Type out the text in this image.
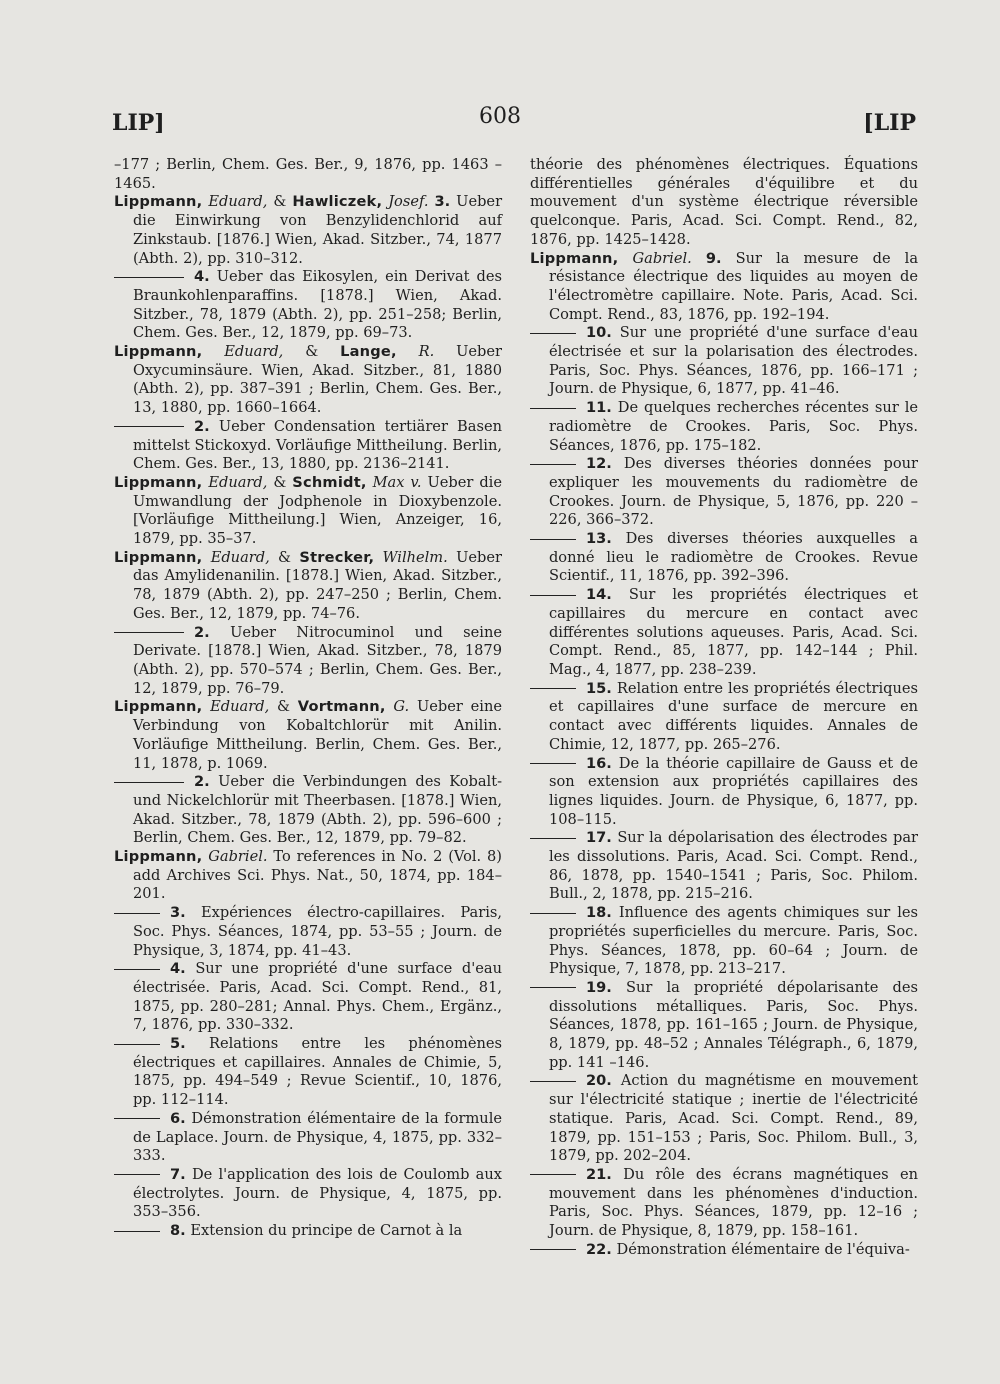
LIP]	608	[LIP

–177 ; Berlin, Chem. Ges. Ber., 9, 1876, pp. 1463 –1465.

Lippmann, Eduard, & Hawliczek, Josef. 3. Ueber die Einwirkung von Benzylidenchlorid auf Zinkstaub. [1876.] Wien, Akad. Sitzber., 74, 1877 (Abth. 2), pp. 310–312.

4. Ueber das Eikosylen, ein Derivat des Braunkohlenparaffins. [1878.] Wien, Akad. Sitzber., 78, 1879 (Abth. 2), pp. 251–258; Berlin, Chem. Ges. Ber., 12, 1879, pp. 69–73.

Lippmann, Eduard, & Lange, R. Ueber Oxycuminsäure. Wien, Akad. Sitzber., 81, 1880 (Abth. 2), pp. 387–391 ; Berlin, Chem. Ges. Ber., 13, 1880, pp. 1660–1664.

2. Ueber Condensation tertiärer Basen mittelst Stickoxyd. Vorläufige Mittheilung. Berlin, Chem. Ges. Ber., 13, 1880, pp. 2136–2141.

Lippmann, Eduard, & Schmidt, Max v. Ueber die Umwandlung der Jodphenole in Dioxybenzole. [Vorläufige Mittheilung.] Wien, Anzeiger, 16, 1879, pp. 35–37.

Lippmann, Eduard, & Strecker, Wilhelm. Ueber das Amylidenanilin. [1878.] Wien, Akad. Sitzber., 78, 1879 (Abth. 2), pp. 247–250 ; Berlin, Chem. Ges. Ber., 12, 1879, pp. 74–76.

2. Ueber Nitrocuminol und seine Derivate. [1878.] Wien, Akad. Sitzber., 78, 1879 (Abth. 2), pp. 570–574 ; Berlin, Chem. Ges. Ber., 12, 1879, pp. 76–79.

Lippmann, Eduard, & Vortmann, G. Ueber eine Verbindung von Kobaltchlorür mit Anilin. Vorläufige Mittheilung. Berlin, Chem. Ges. Ber., 11, 1878, p. 1069.

2. Ueber die Verbindungen des Kobalt- und Nickelchlorür mit Theerbasen. [1878.] Wien, Akad. Sitzber., 78, 1879 (Abth. 2), pp. 596–600 ; Berlin, Chem. Ges. Ber., 12, 1879, pp. 79–82.

Lippmann, Gabriel. To references in No. 2 (Vol. 8) add Archives Sci. Phys. Nat., 50, 1874, pp. 184–201.

3. Expériences électro-capillaires. Paris, Soc. Phys. Séances, 1874, pp. 53–55 ; Journ. de Physique, 3, 1874, pp. 41–43.

4. Sur une propriété d'une surface d'eau électrisée. Paris, Acad. Sci. Compt. Rend., 81, 1875, pp. 280–281; Annal. Phys. Chem., Ergänz., 7, 1876, pp. 330–332.

5. Relations entre les phénomènes électriques et capillaires. Annales de Chimie, 5, 1875, pp. 494–549 ; Revue Scientif., 10, 1876, pp. 112–114.

6. Démonstration élémentaire de la formule de Laplace. Journ. de Physique, 4, 1875, pp. 332–333.

7. De l'application des lois de Coulomb aux électrolytes. Journ. de Physique, 4, 1875, pp. 353–356.

8. Extension du principe de Carnot à la

théorie des phénomènes électriques. Équations différentielles générales d'équilibre et du mouvement d'un système électrique réversible quelconque. Paris, Acad. Sci. Compt. Rend., 82, 1876, pp. 1425–1428.

Lippmann, Gabriel. 9. Sur la mesure de la résistance électrique des liquides au moyen de l'électromètre capillaire. Note. Paris, Acad. Sci. Compt. Rend., 83, 1876, pp. 192–194.

10. Sur une propriété d'une surface d'eau électrisée et sur la polarisation des électrodes. Paris, Soc. Phys. Séances, 1876, pp. 166–171 ; Journ. de Physique, 6, 1877, pp. 41–46.

11. De quelques recherches récentes sur le radiomètre de Crookes. Paris, Soc. Phys. Séances, 1876, pp. 175–182.

12. Des diverses théories données pour expliquer les mouvements du radiomètre de Crookes. Journ. de Physique, 5, 1876, pp. 220 –226, 366–372.

13. Des diverses théories auxquelles a donné lieu le radiomètre de Crookes. Revue Scientif., 11, 1876, pp. 392–396.

14. Sur les propriétés électriques et capillaires du mercure en contact avec différentes solutions aqueuses. Paris, Acad. Sci. Compt. Rend., 85, 1877, pp. 142–144 ; Phil. Mag., 4, 1877, pp. 238–239.

15. Relation entre les propriétés électriques et capillaires d'une surface de mercure en contact avec différents liquides. Annales de Chimie, 12, 1877, pp. 265–276.

16. De la théorie capillaire de Gauss et de son extension aux propriétés capillaires des lignes liquides. Journ. de Physique, 6, 1877, pp. 108–115.

17. Sur la dépolarisation des électrodes par les dissolutions. Paris, Acad. Sci. Compt. Rend., 86, 1878, pp. 1540–1541 ; Paris, Soc. Philom. Bull., 2, 1878, pp. 215–216.

18. Influence des agents chimiques sur les propriétés superficielles du mercure. Paris, Soc. Phys. Séances, 1878, pp. 60–64 ; Journ. de Physique, 7, 1878, pp. 213–217.

19. Sur la propriété dépolarisante des dissolutions métalliques. Paris, Soc. Phys. Séances, 1878, pp. 161–165 ; Journ. de Physique, 8, 1879, pp. 48–52 ; Annales Télégraph., 6, 1879, pp. 141 –146.

20. Action du magnétisme en mouvement sur l'électricité statique ; inertie de l'électricité statique. Paris, Acad. Sci. Compt. Rend., 89, 1879, pp. 151–153 ; Paris, Soc. Philom. Bull., 3, 1879, pp. 202–204.

21. Du rôle des écrans magnétiques en mouvement dans les phénomènes d'induction. Paris, Soc. Phys. Séances, 1879, pp. 12–16 ; Journ. de Physique, 8, 1879, pp. 158–161.

22. Démonstration élémentaire de l'équiva-
